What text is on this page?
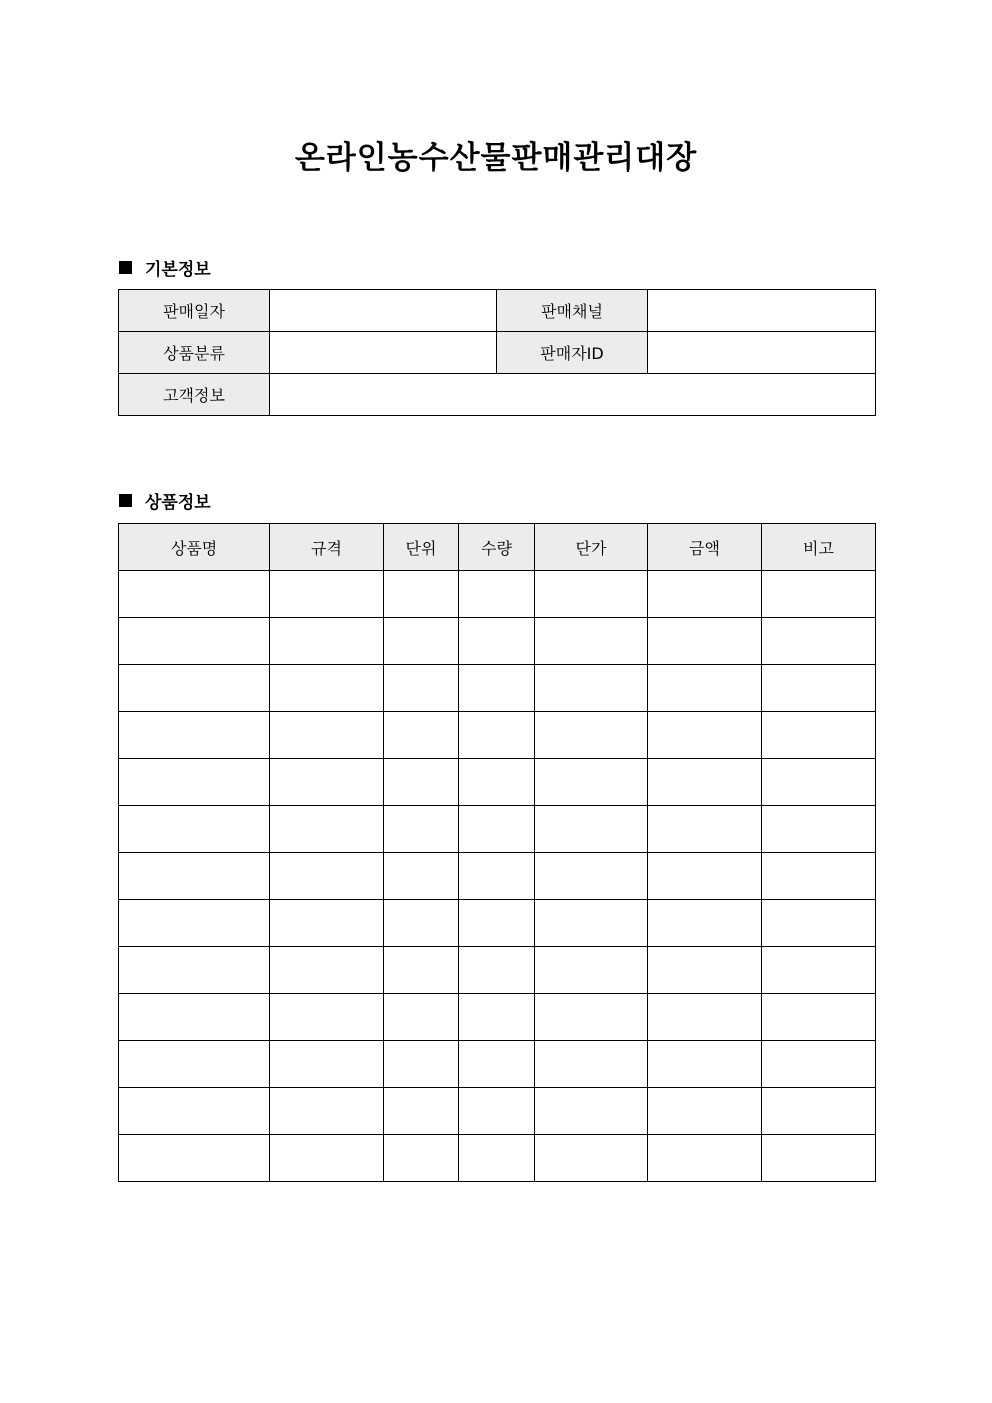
온라인농수산물판매관리대장
기본정보
판매일자		판매채널	
상품분류		판매자ID	
고객정보			
상품정보
상품명	규격	단위	수량	단가	금액	비고
